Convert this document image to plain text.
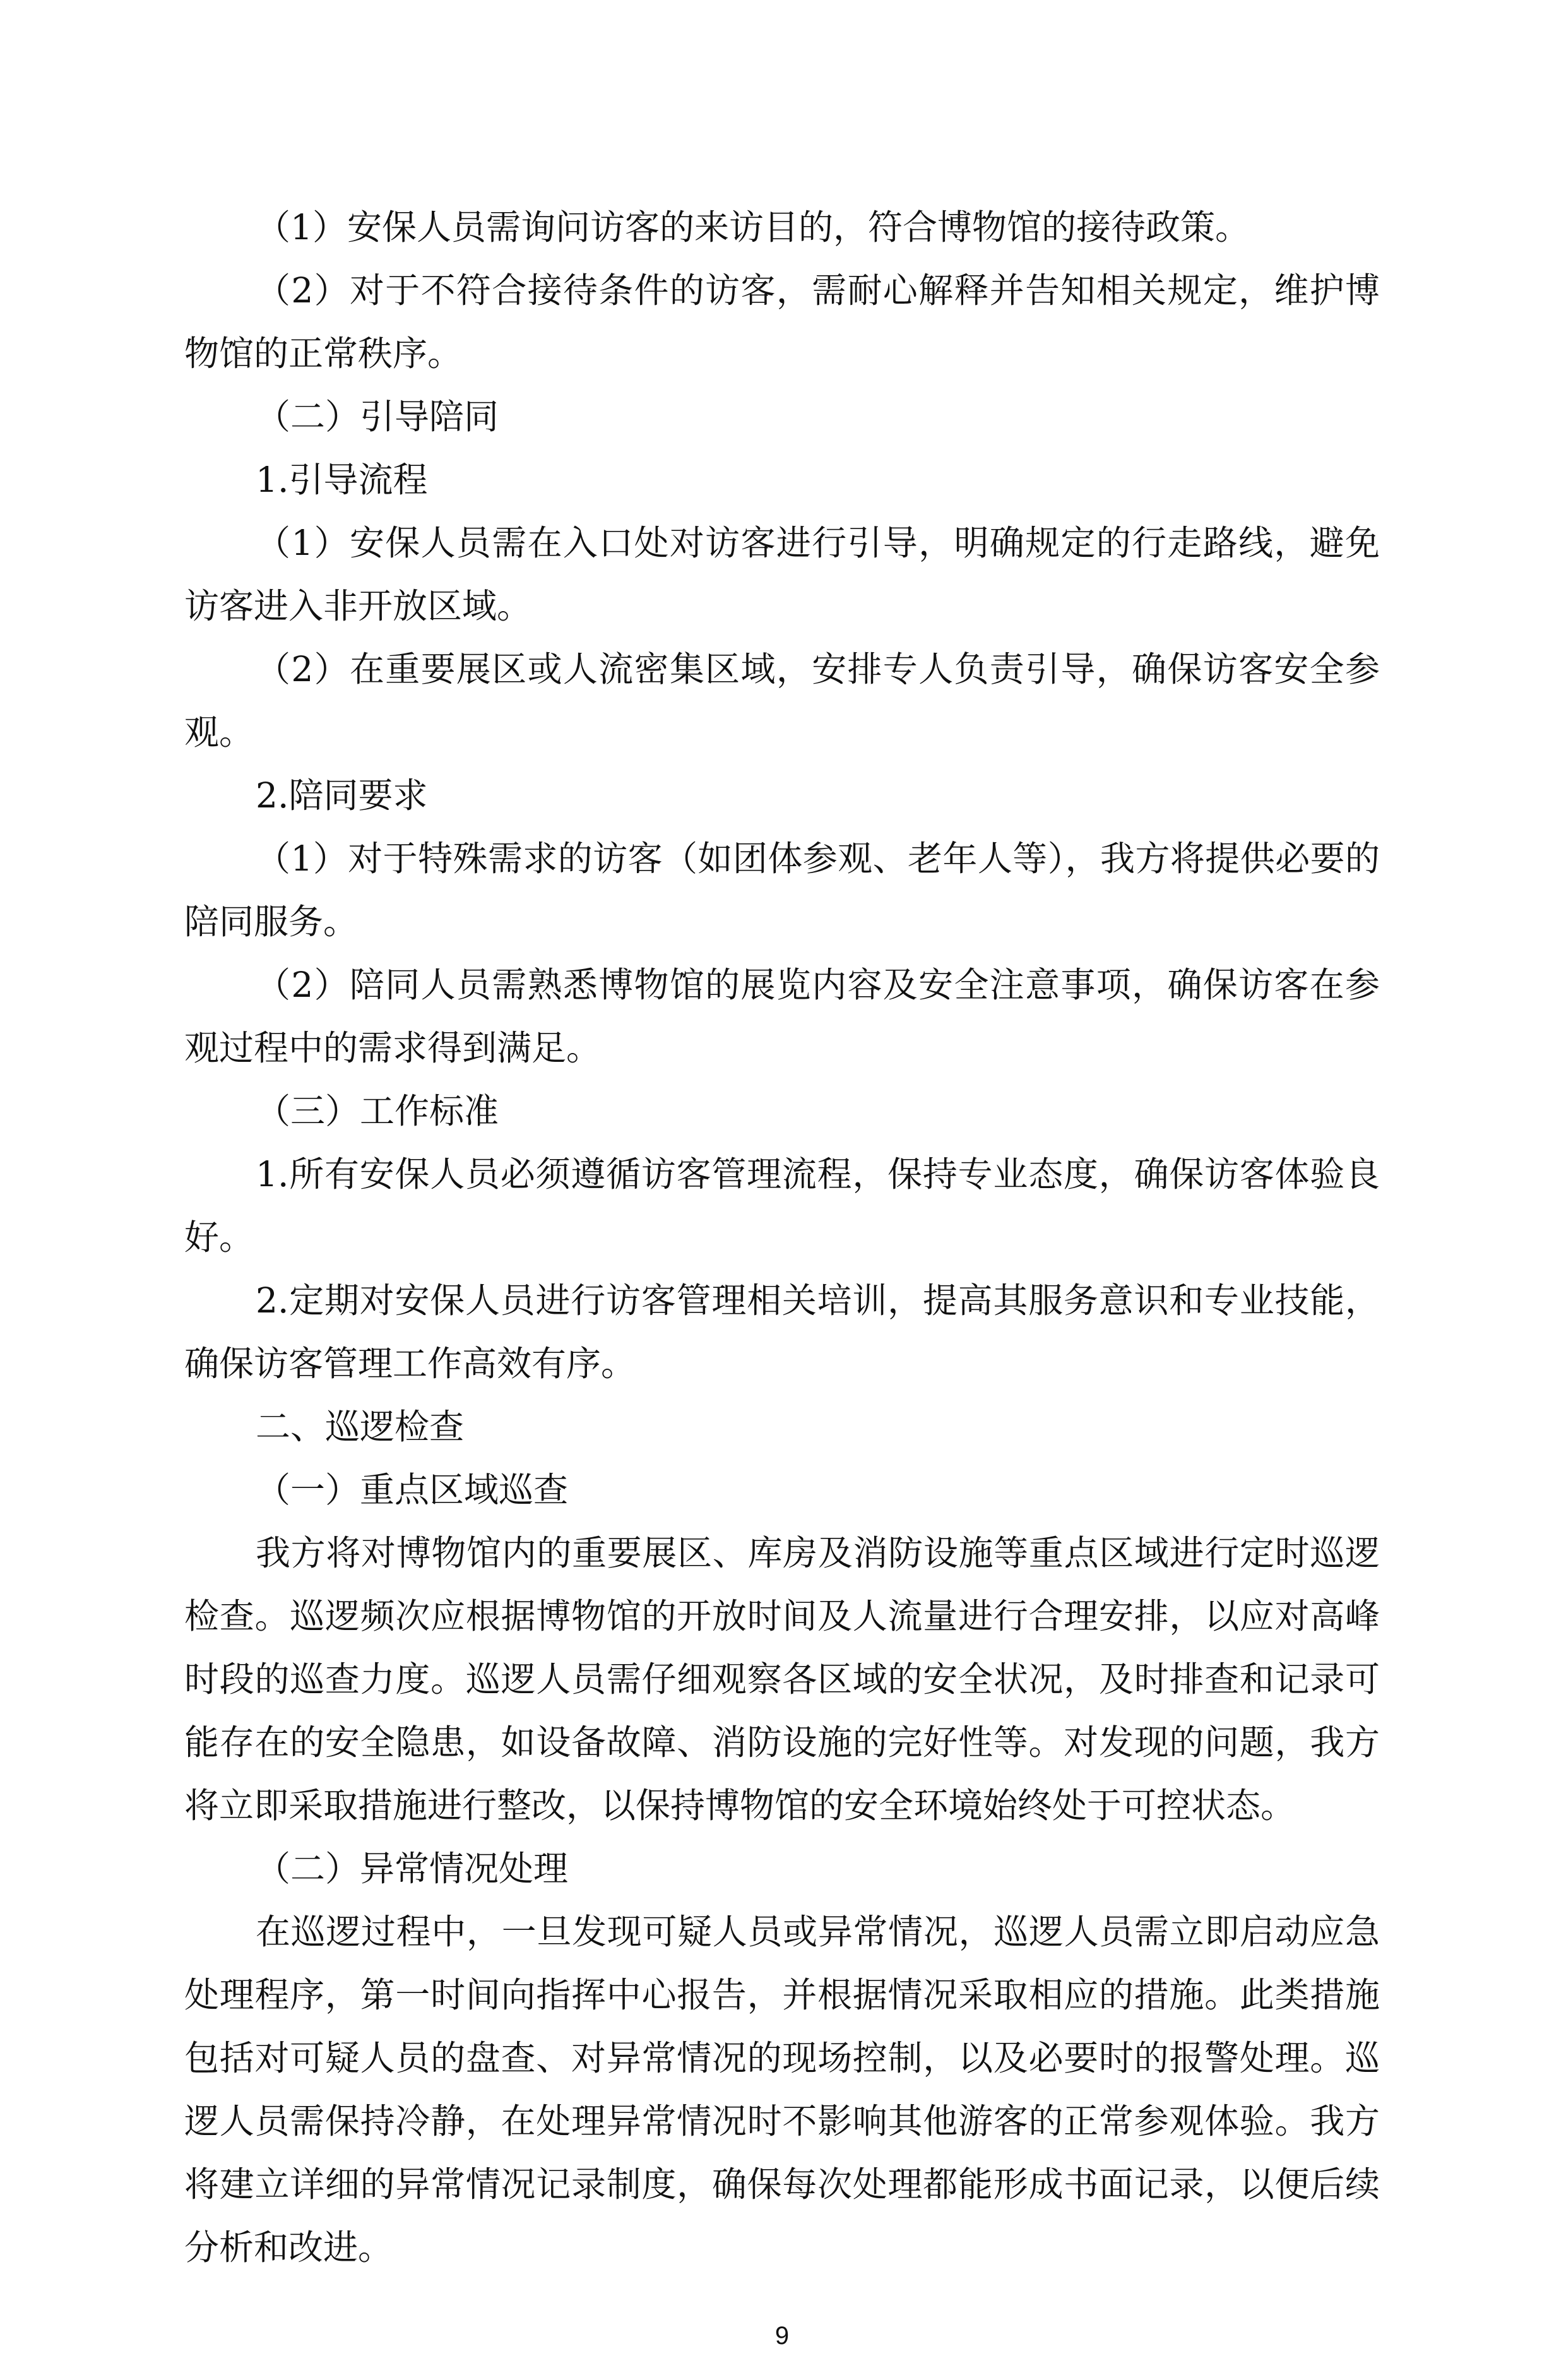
（1）安保人员需询问访客的来访目的，符合博物馆的接待政策。

（2）对于不符合接待条件的访客，需耐心解释并告知相关规定，维护博物馆的正常秩序。

（二）引导陪同

1.引导流程

（1）安保人员需在入口处对访客进行引导，明确规定的行走路线，避免访客进入非开放区域。

（2）在重要展区或人流密集区域，安排专人负责引导，确保访客安全参观。

2.陪同要求

（1）对于特殊需求的访客（如团体参观、老年人等），我方将提供必要的陪同服务。

（2）陪同人员需熟悉博物馆的展览内容及安全注意事项，确保访客在参观过程中的需求得到满足。

（三）工作标准

1.所有安保人员必须遵循访客管理流程，保持专业态度，确保访客体验良好。

2.定期对安保人员进行访客管理相关培训，提高其服务意识和专业技能，确保访客管理工作高效有序。

二、巡逻检查

（一）重点区域巡查

我方将对博物馆内的重要展区、库房及消防设施等重点区域进行定时巡逻检查。巡逻频次应根据博物馆的开放时间及人流量进行合理安排，以应对高峰时段的巡查力度。巡逻人员需仔细观察各区域的安全状况，及时排查和记录可能存在的安全隐患，如设备故障、消防设施的完好性等。对发现的问题，我方将立即采取措施进行整改，以保持博物馆的安全环境始终处于可控状态。

（二）异常情况处理

在巡逻过程中，一旦发现可疑人员或异常情况，巡逻人员需立即启动应急处理程序，第一时间向指挥中心报告，并根据情况采取相应的措施。此类措施包括对可疑人员的盘查、对异常情况的现场控制，以及必要时的报警处理。巡逻人员需保持冷静，在处理异常情况时不影响其他游客的正常参观体验。我方将建立详细的异常情况记录制度，确保每次处理都能形成书面记录，以便后续分析和改进。

9
